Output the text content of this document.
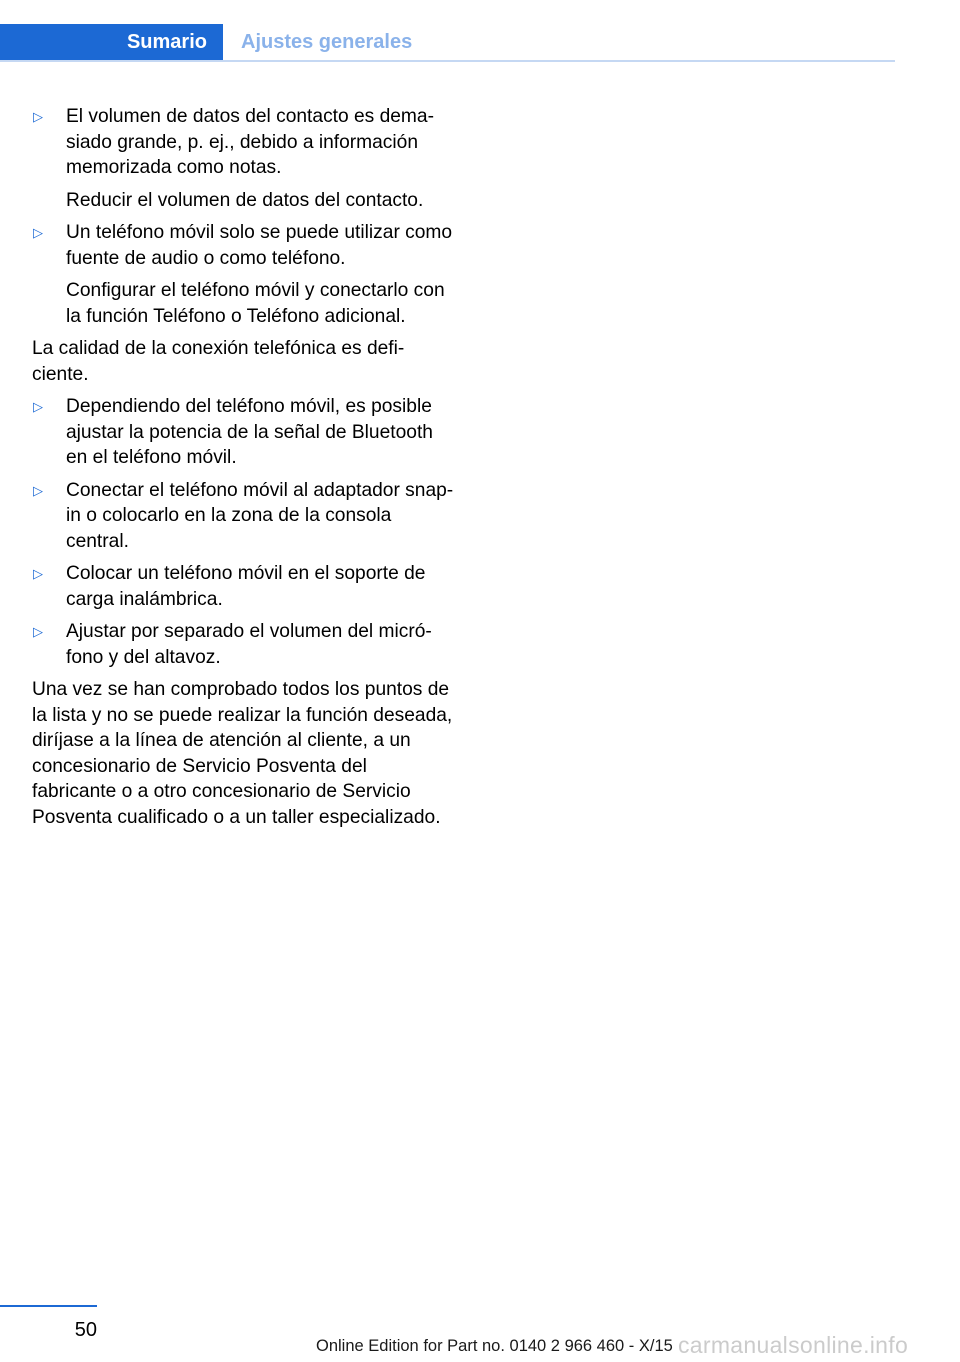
Sumario	Ajustes generales
▷ El volumen de datos del contacto es demasiado grande, p. ej., debido a información memorizada como notas.

Reducir el volumen de datos del contacto.

▷ Un teléfono móvil solo se puede utilizar como fuente de audio o como teléfono.

Configurar el teléfono móvil y conectarlo con la función Teléfono o Teléfono adicional.

La calidad de la conexión telefónica es deficiente.

▷ Dependiendo del teléfono móvil, es posible ajustar la potencia de la señal de Bluetooth en el teléfono móvil.

▷ Conectar el teléfono móvil al adaptador snap-in o colocarlo en la zona de la consola central.

▷ Colocar un teléfono móvil en el soporte de carga inalámbrica.

▷ Ajustar por separado el volumen del micrófono y del altavoz.

Una vez se han comprobado todos los puntos de la lista y no se puede realizar la función deseada, diríjase a la línea de atención al cliente, a un concesionario de Servicio Posventa del fabricante o a otro concesionario de Servicio Posventa cualificado o a un taller especializado.

50
Online Edition for Part no. 0140 2 966 460 - X/15 carmanualsonline.info
